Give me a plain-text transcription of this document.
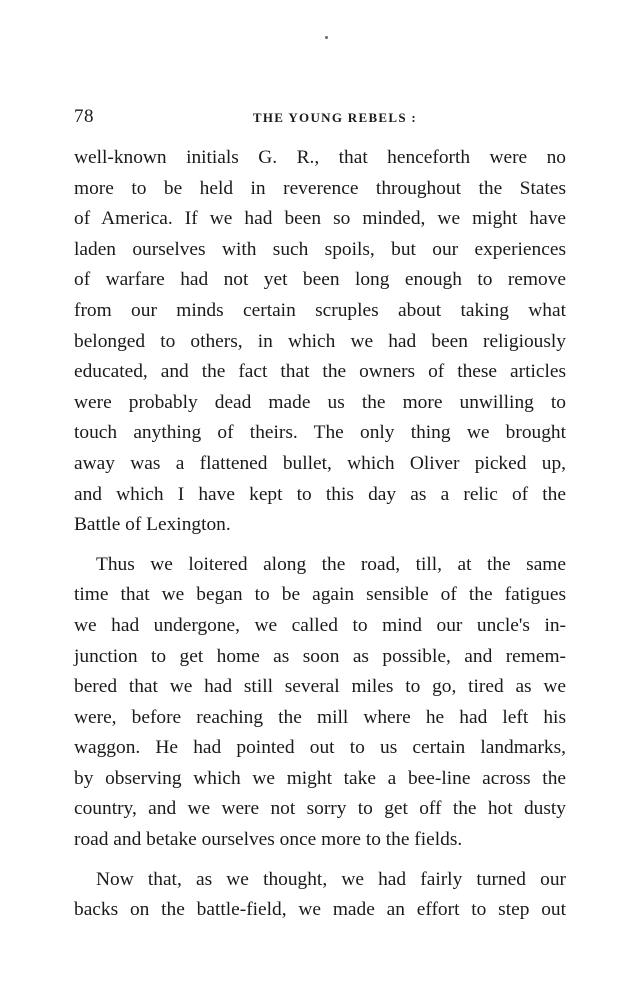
78	THE YOUNG REBELS :
well-known initials G. R., that henceforth were no
more to be held in reverence throughout the States
of America. If we had been so minded, we might have
laden ourselves with such spoils, but our experiences
of warfare had not yet been long enough to remove
from our minds certain scruples about taking what
belonged to others, in which we had been religiously
educated, and the fact that the owners of these articles
were probably dead made us the more unwilling to
touch anything of theirs. The only thing we brought
away was a flattened bullet, which Oliver picked up,
and which I have kept to this day as a relic of the
Battle of Lexington.
Thus we loitered along the road, till, at the same
time that we began to be again sensible of the fatigues
we had undergone, we called to mind our uncle's in-
junction to get home as soon as possible, and remem-
bered that we had still several miles to go, tired as we
were, before reaching the mill where he had left his
waggon. He had pointed out to us certain landmarks,
by observing which we might take a bee-line across the
country, and we were not sorry to get off the hot dusty
road and betake ourselves once more to the fields.
Now that, as we thought, we had fairly turned our
backs on the battle-field, we made an effort to step out
